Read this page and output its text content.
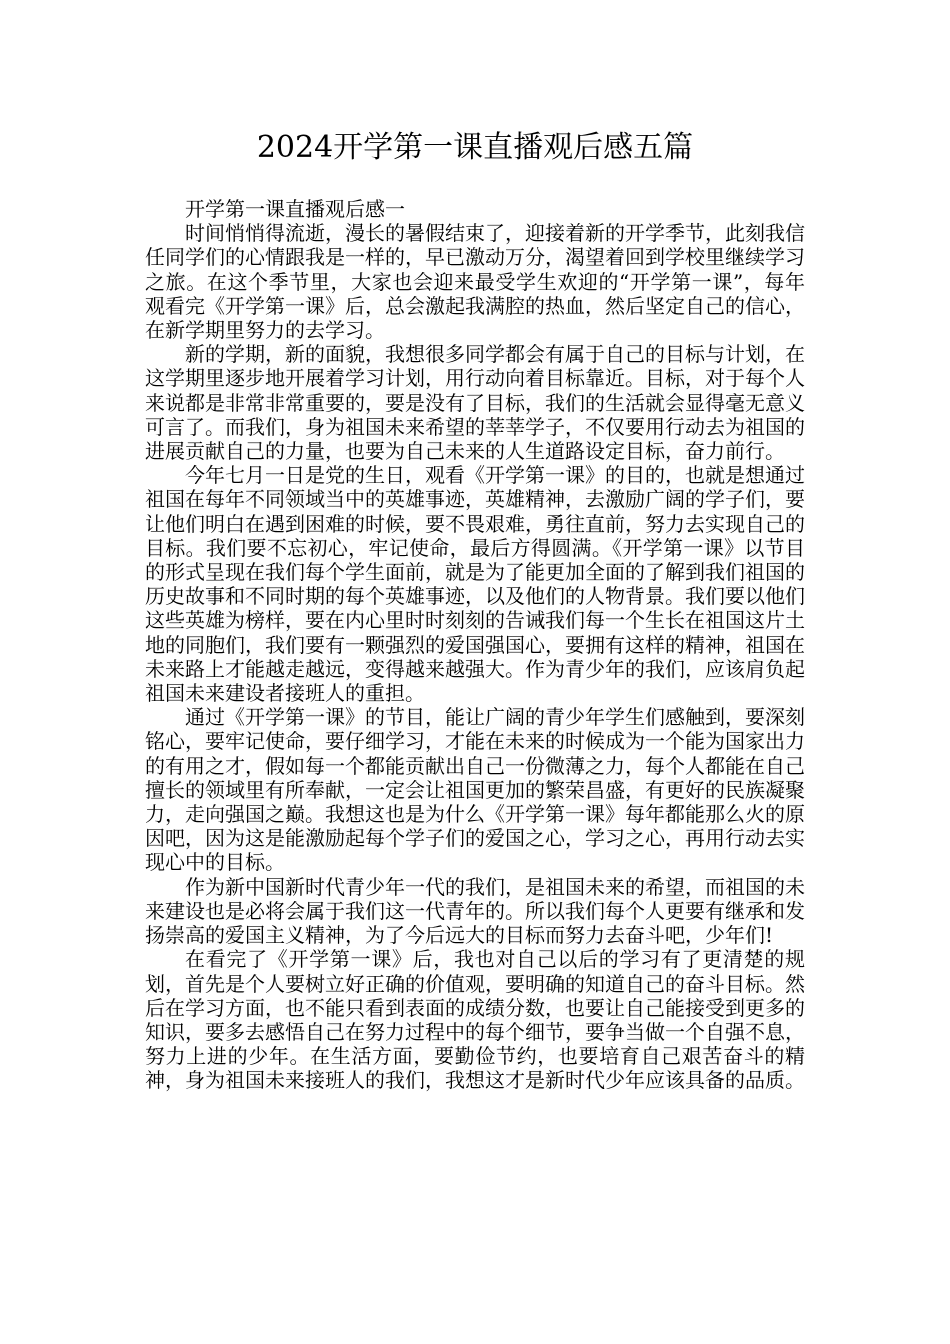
2024开学第一课直播观后感五篇

开学第一课直播观后感一

时间悄悄得流逝，漫长的暑假结束了，迎接着新的开学季节，此刻我信任同学们的心情跟我是一样的，早已激动万分，渴望着回到学校里继续学习之旅。在这个季节里，大家也会迎来最受学生欢迎的“开学第一课”，每年观看完《开学第一课》后，总会激起我满腔的热血，然后坚定自己的信心，在新学期里努力的去学习。

新的学期，新的面貌，我想很多同学都会有属于自己的目标与计划，在这学期里逐步地开展着学习计划，用行动向着目标靠近。目标，对于每个人来说都是非常非常重要的，要是没有了目标，我们的生活就会显得毫无意义可言了。而我们，身为祖国未来希望的莘莘学子，不仅要用行动去为祖国的进展贡献自己的力量，也要为自己未来的人生道路设定目标，奋力前行。

今年七月一日是党的生日，观看《开学第一课》的目的，也就是想通过祖国在每年不同领域当中的英雄事迹，英雄精神，去激励广阔的学子们，要让他们明白在遇到困难的时候，要不畏艰难，勇往直前，努力去实现自己的目标。我们要不忘初心，牢记使命，最后方得圆满。《开学第一课》以节目的形式呈现在我们每个学生面前，就是为了能更加全面的了解到我们祖国的历史故事和不同时期的每个英雄事迹，以及他们的人物背景。我们要以他们这些英雄为榜样，要在内心里时时刻刻的告诫我们每一个生长在祖国这片土地的同胞们，我们要有一颗强烈的爱国强国心，要拥有这样的精神，祖国在未来路上才能越走越远，变得越来越强大。作为青少年的我们，应该肩负起祖国未来建设者接班人的重担。

通过《开学第一课》的节目，能让广阔的青少年学生们感触到，要深刻铭心，要牢记使命，要仔细学习，才能在未来的时候成为一个能为国家出力的有用之才，假如每一个都能贡献出自己一份微薄之力，每个人都能在自己擅长的领域里有所奉献，一定会让祖国更加的繁荣昌盛，有更好的民族凝聚力，走向强国之巅。我想这也是为什么《开学第一课》每年都能那么火的原因吧，因为这是能激励起每个学子们的爱国之心，学习之心，再用行动去实现心中的目标。

作为新中国新时代青少年一代的我们，是祖国未来的希望，而祖国的未来建设也是必将会属于我们这一代青年的。所以我们每个人更要有继承和发扬崇高的爱国主义精神，为了今后远大的目标而努力去奋斗吧，少年们!

在看完了《开学第一课》后，我也对自己以后的学习有了更清楚的规划，首先是个人要树立好正确的价值观，要明确的知道自己的奋斗目标。然后在学习方面，也不能只看到表面的成绩分数，也要让自己能接受到更多的知识，要多去感悟自己在努力过程中的每个细节，要争当做一个自强不息，努力上进的少年。在生活方面，要勤俭节约，也要培育自己艰苦奋斗的精神，身为祖国未来接班人的我们，我想这才是新时代少年应该具备的品质。
